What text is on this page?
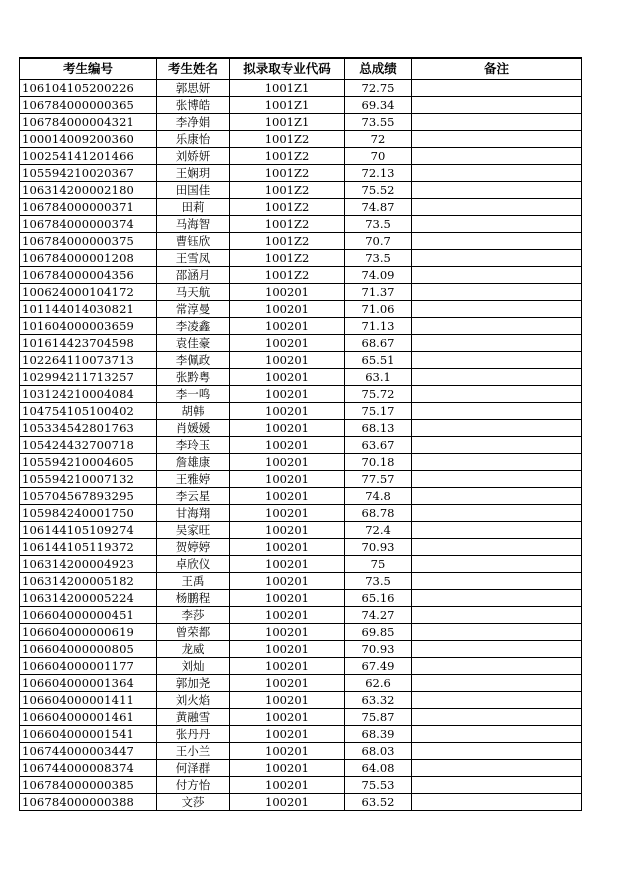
考生编号	考生姓名	拟录取专业代码	总成绩	备注
106104105200226	郭思妍	1001Z1	72.75	
106784000000365	张博皓	1001Z1	69.34	
106784000004321	李净娟	1001Z1	73.55	
100014009200360	乐康怡	1001Z2	72	
100254141201466	刘娇妍	1001Z2	70	
105594210020367	王娴玥	1001Z2	72.13	
106314200002180	田国佳	1001Z2	75.52	
106784000000371	田莉	1001Z2	74.87	
106784000000374	马海智	1001Z2	73.5	
106784000000375	曹钰欣	1001Z2	70.7	
106784000001208	王雪凤	1001Z2	73.5	
106784000004356	邵涵月	1001Z2	74.09	
100624000104172	马天航	100201	71.37	
101144014030821	常淳曼	100201	71.06	
101604000003659	李凌鑫	100201	71.13	
101614423704598	袁佳豪	100201	68.67	
102264110073713	李佩政	100201	65.51	
102994211713257	张黔粤	100201	63.1	
103124210004084	李一鸣	100201	75.72	
104754105100402	胡韩	100201	75.17	
105334542801763	肖媛媛	100201	68.13	
105424432700718	李玲玉	100201	63.67	
105594210004605	詹雄康	100201	70.18	
105594210007132	王雅婷	100201	77.57	
105704567893295	李云星	100201	74.8	
105984240001750	甘海翔	100201	68.78	
106144105109274	吴家旺	100201	72.4	
106144105119372	贺婷婷	100201	70.93	
106314200004923	卓欣仪	100201	75	
106314200005182	王禹	100201	73.5	
106314200005224	杨鹏程	100201	65.16	
106604000000451	李莎	100201	74.27	
106604000000619	曾荣都	100201	69.85	
106604000000805	龙威	100201	70.93	
106604000001177	刘灿	100201	67.49	
106604000001364	郭加尧	100201	62.6	
106604000001411	刘火焰	100201	63.32	
106604000001461	黄融雪	100201	75.87	
106604000001541	张丹丹	100201	68.39	
106744000003447	王小兰	100201	68.03	
106744000008374	何泽群	100201	64.08	
106784000000385	付方怡	100201	75.53	
106784000000388	文莎	100201	63.52	
